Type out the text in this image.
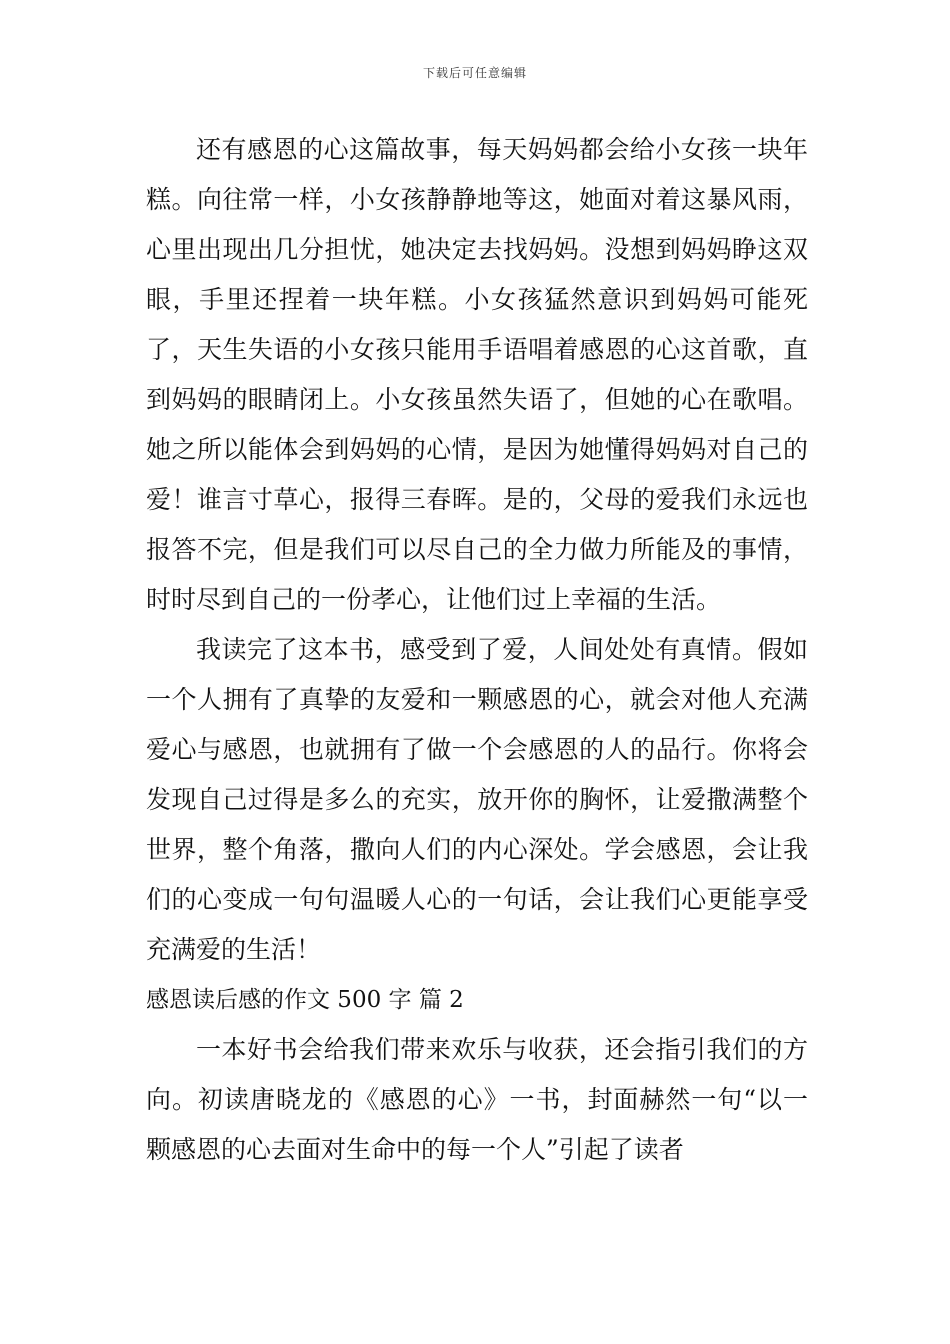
下载后可任意编辑

还有感恩的心这篇故事，每天妈妈都会给小女孩一块年糕。向往常一样，小女孩静静地等这，她面对着这暴风雨，心里出现出几分担忧，她决定去找妈妈。没想到妈妈睁这双眼，手里还捏着一块年糕。小女孩猛然意识到妈妈可能死了，天生失语的小女孩只能用手语唱着感恩的心这首歌，直到妈妈的眼睛闭上。小女孩虽然失语了，但她的心在歌唱。她之所以能体会到妈妈的心情，是因为她懂得妈妈对自己的爱！谁言寸草心，报得三春晖。是的，父母的爱我们永远也报答不完，但是我们可以尽自己的全力做力所能及的事情，时时尽到自己的一份孝心，让他们过上幸福的生活。

我读完了这本书，感受到了爱，人间处处有真情。假如一个人拥有了真挚的友爱和一颗感恩的心，就会对他人充满爱心与感恩，也就拥有了做一个会感恩的人的品行。你将会发现自己过得是多么的充实，放开你的胸怀，让爱撒满整个世界，整个角落，撒向人们的内心深处。学会感恩，会让我们的心变成一句句温暖人心的一句话，会让我们心更能享受充满爱的生活！

感恩读后感的作文 500 字 篇 2

一本好书会给我们带来欢乐与收获，还会指引我们的方向。初读唐晓龙的《感恩的心》一书，封面赫然一句“以一颗感恩的心去面对生命中的每一个人”引起了读者
